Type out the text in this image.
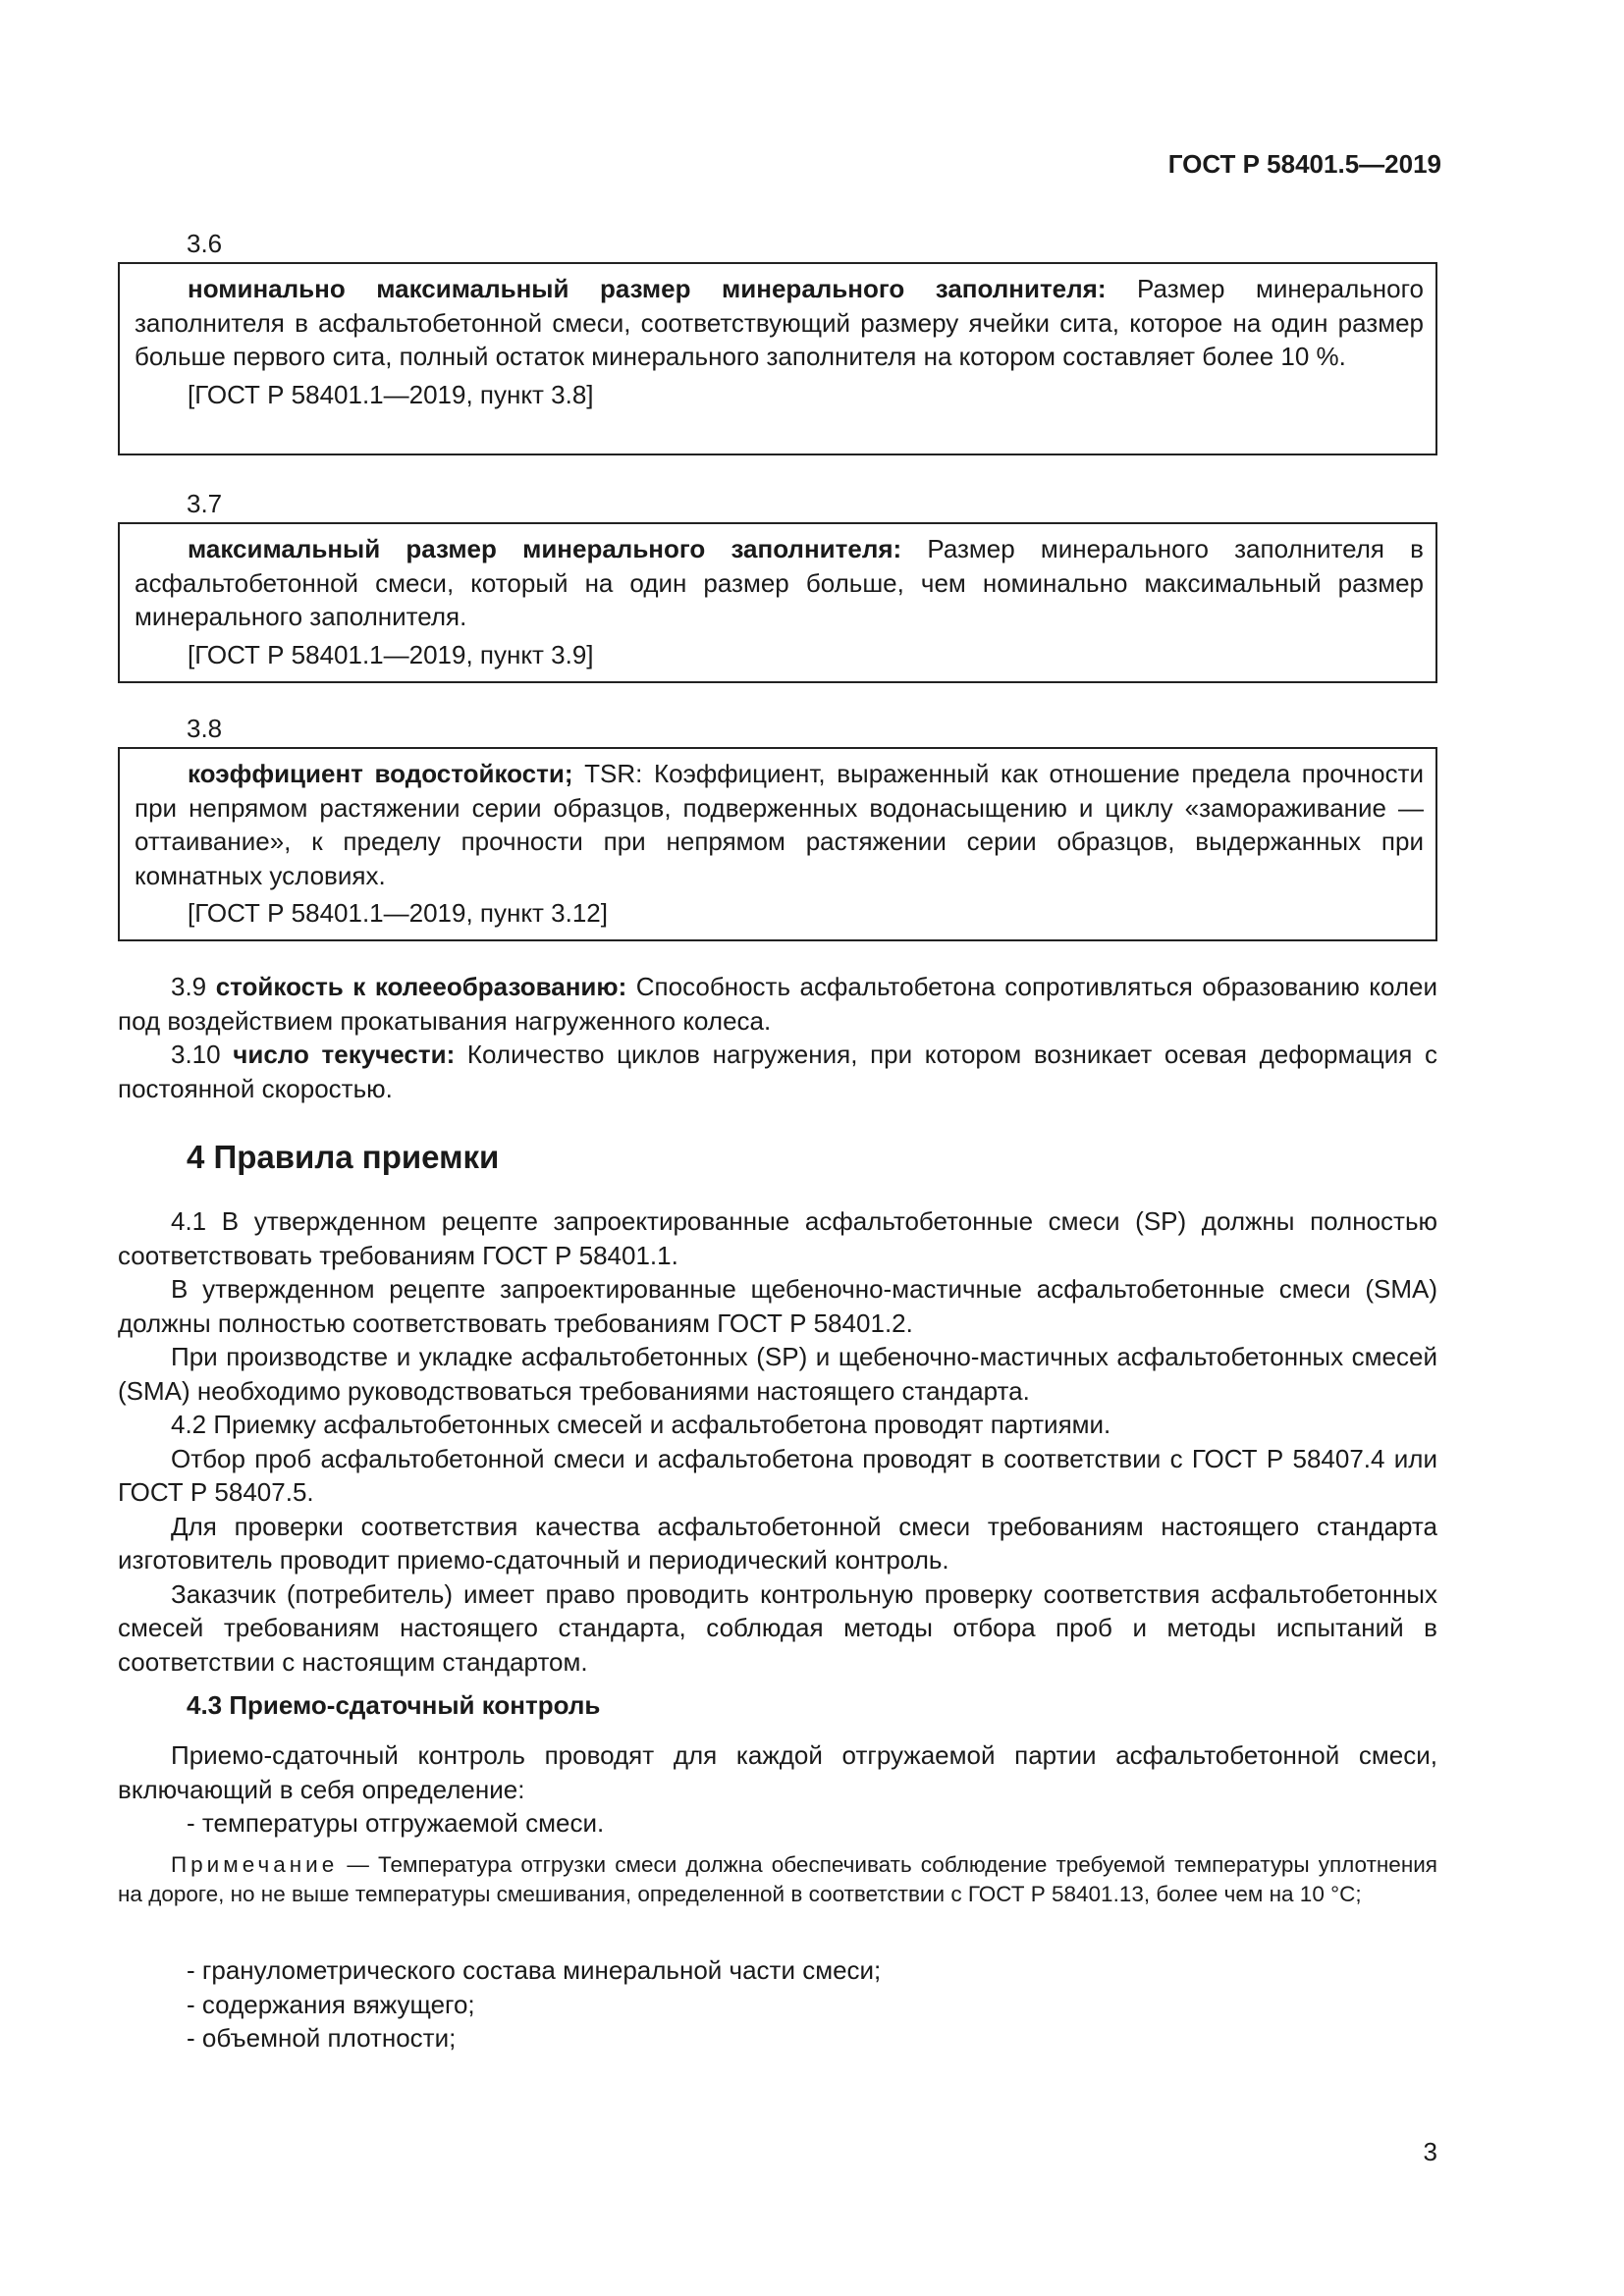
ГОСТ Р 58401.5—2019
3.6

номинально максимальный размер минерального заполнителя: Размер минерального заполнителя в асфальтобетонной смеси, соответствующий размеру ячейки сита, которое на один размер больше первого сита, полный остаток минерального заполнителя на котором составляет более 10 %.

[ГОСТ Р 58401.1—2019, пункт 3.8]

3.7

максимальный размер минерального заполнителя: Размер минерального заполнителя в асфальтобетонной смеси, который на один размер больше, чем номинально максимальный размер минерального заполнителя.

[ГОСТ Р 58401.1—2019, пункт 3.9]

3.8

коэффициент водостойкости; TSR: Коэффициент, выраженный как отношение предела прочности при непрямом растяжении серии образцов, подверженных водонасыщению и циклу «замораживание — оттаивание», к пределу прочности при непрямом растяжении серии образцов, выдержанных при комнатных условиях.

[ГОСТ Р 58401.1—2019, пункт 3.12]

3.9 стойкость к колееобразованию: Способность асфальтобетона сопротивляться образованию колеи под воздействием прокатывания нагруженного колеса.

3.10 число текучести: Количество циклов нагружения, при котором возникает осевая деформация с постоянной скоростью.

4 Правила приемки

4.1 В утвержденном рецепте запроектированные асфальтобетонные смеси (SP) должны полностью соответствовать требованиям ГОСТ Р 58401.1.

В утвержденном рецепте запроектированные щебеночно-мастичные асфальтобетонные смеси (SMA) должны полностью соответствовать требованиям ГОСТ Р 58401.2.

При производстве и укладке асфальтобетонных (SP) и щебеночно-мастичных асфальтобетонных смесей (SMA) необходимо руководствоваться требованиями настоящего стандарта.

4.2 Приемку асфальтобетонных смесей и асфальтобетона проводят партиями.

Отбор проб асфальтобетонной смеси и асфальтобетона проводят в соответствии с ГОСТ Р 58407.4 или ГОСТ Р 58407.5.

Для проверки соответствия качества асфальтобетонной смеси требованиям настоящего стандарта изготовитель проводит приемо-сдаточный и периодический контроль.

Заказчик (потребитель) имеет право проводить контрольную проверку соответствия асфальтобетонных смесей требованиям настоящего стандарта, соблюдая методы отбора проб и методы испытаний в соответствии с настоящим стандартом.

4.3 Приемо-сдаточный контроль

Приемо-сдаточный контроль проводят для каждой отгружаемой партии асфальтобетонной смеси, включающий в себя определение:

- температуры отгружаемой смеси.

Примечание — Температура отгрузки смеси должна обеспечивать соблюдение требуемой температуры уплотнения на дороге, но не выше температуры смешивания, определенной в соответствии с ГОСТ Р 58401.13, более чем на 10 °С;

- гранулометрического состава минеральной части смеси;

- содержания вяжущего;

- объемной плотности;

3
